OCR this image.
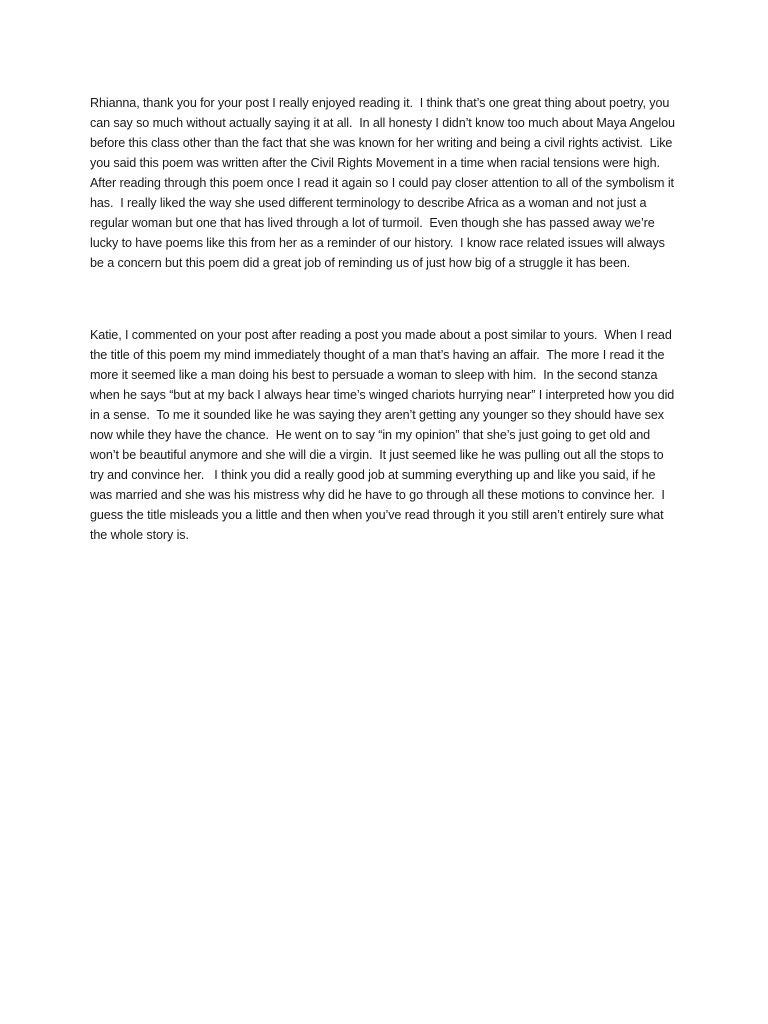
Rhianna, thank you for your post I really enjoyed reading it.  I think that’s one great thing about poetry, you can say so much without actually saying it at all.  In all honesty I didn’t know too much about Maya Angelou before this class other than the fact that she was known for her writing and being a civil rights activist.  Like you said this poem was written after the Civil Rights Movement in a time when racial tensions were high.  After reading through this poem once I read it again so I could pay closer attention to all of the symbolism it has.  I really liked the way she used different terminology to describe Africa as a woman and not just a regular woman but one that has lived through a lot of turmoil.  Even though she has passed away we’re lucky to have poems like this from her as a reminder of our history.  I know race related issues will always be a concern but this poem did a great job of reminding us of just how big of a struggle it has been.

Katie, I commented on your post after reading a post you made about a post similar to yours.  When I read the title of this poem my mind immediately thought of a man that’s having an affair.  The more I read it the more it seemed like a man doing his best to persuade a woman to sleep with him.  In the second stanza when he says “but at my back I always hear time’s winged chariots hurrying near” I interpreted how you did in a sense.  To me it sounded like he was saying they aren’t getting any younger so they should have sex now while they have the chance.  He went on to say “in my opinion” that she’s just going to get old and won’t be beautiful anymore and she will die a virgin.  It just seemed like he was pulling out all the stops to try and convince her.   I think you did a really good job at summing everything up and like you said, if he was married and she was his mistress why did he have to go through all these motions to convince her.  I guess the title misleads you a little and then when you’ve read through it you still aren’t entirely sure what the whole story is.
